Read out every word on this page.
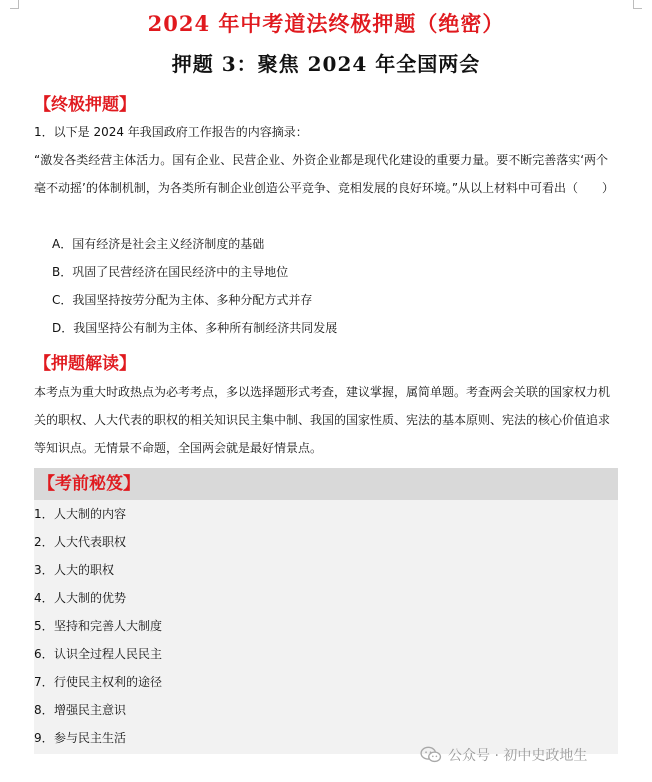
2024 年中考道法终极押题（绝密）
押题 3：聚焦 2024 年全国两会
【终极押题】
1．以下是 2024 年我国政府工作报告的内容摘录：
“激发各类经营主体活力。国有企业、民营企业、外资企业都是现代化建设的重要力量。要不断完善落实‘两个毫不动摇’的体制机制，为各类所有制企业创造公平竞争、竞相发展的良好环境。”从以上材料中可看出（　　）
A．国有经济是社会主义经济制度的基础
B．巩固了民营经济在国民经济中的主导地位
C．我国坚持按劳分配为主体、多种分配方式并存
D．我国坚持公有制为主体、多种所有制经济共同发展
【押题解读】
本考点为重大时政热点为必考考点，多以选择题形式考查，建议掌握，属简单题。考查两会关联的国家权力机关的职权、人大代表的职权的相关知识民主集中制、我国的国家性质、宪法的基本原则、宪法的核心价值追求等知识点。无情景不命题，全国两会就是最好情景点。
【考前秘笈】
1．人大制的内容
2．人大代表职权
3．人大的职权
4．人大制的优势
5．坚持和完善人大制度
6．认识全过程人民民主
7．行使民主权利的途径
8．增强民主意识
9．参与民主生活
公众号 · 初中史政地生
